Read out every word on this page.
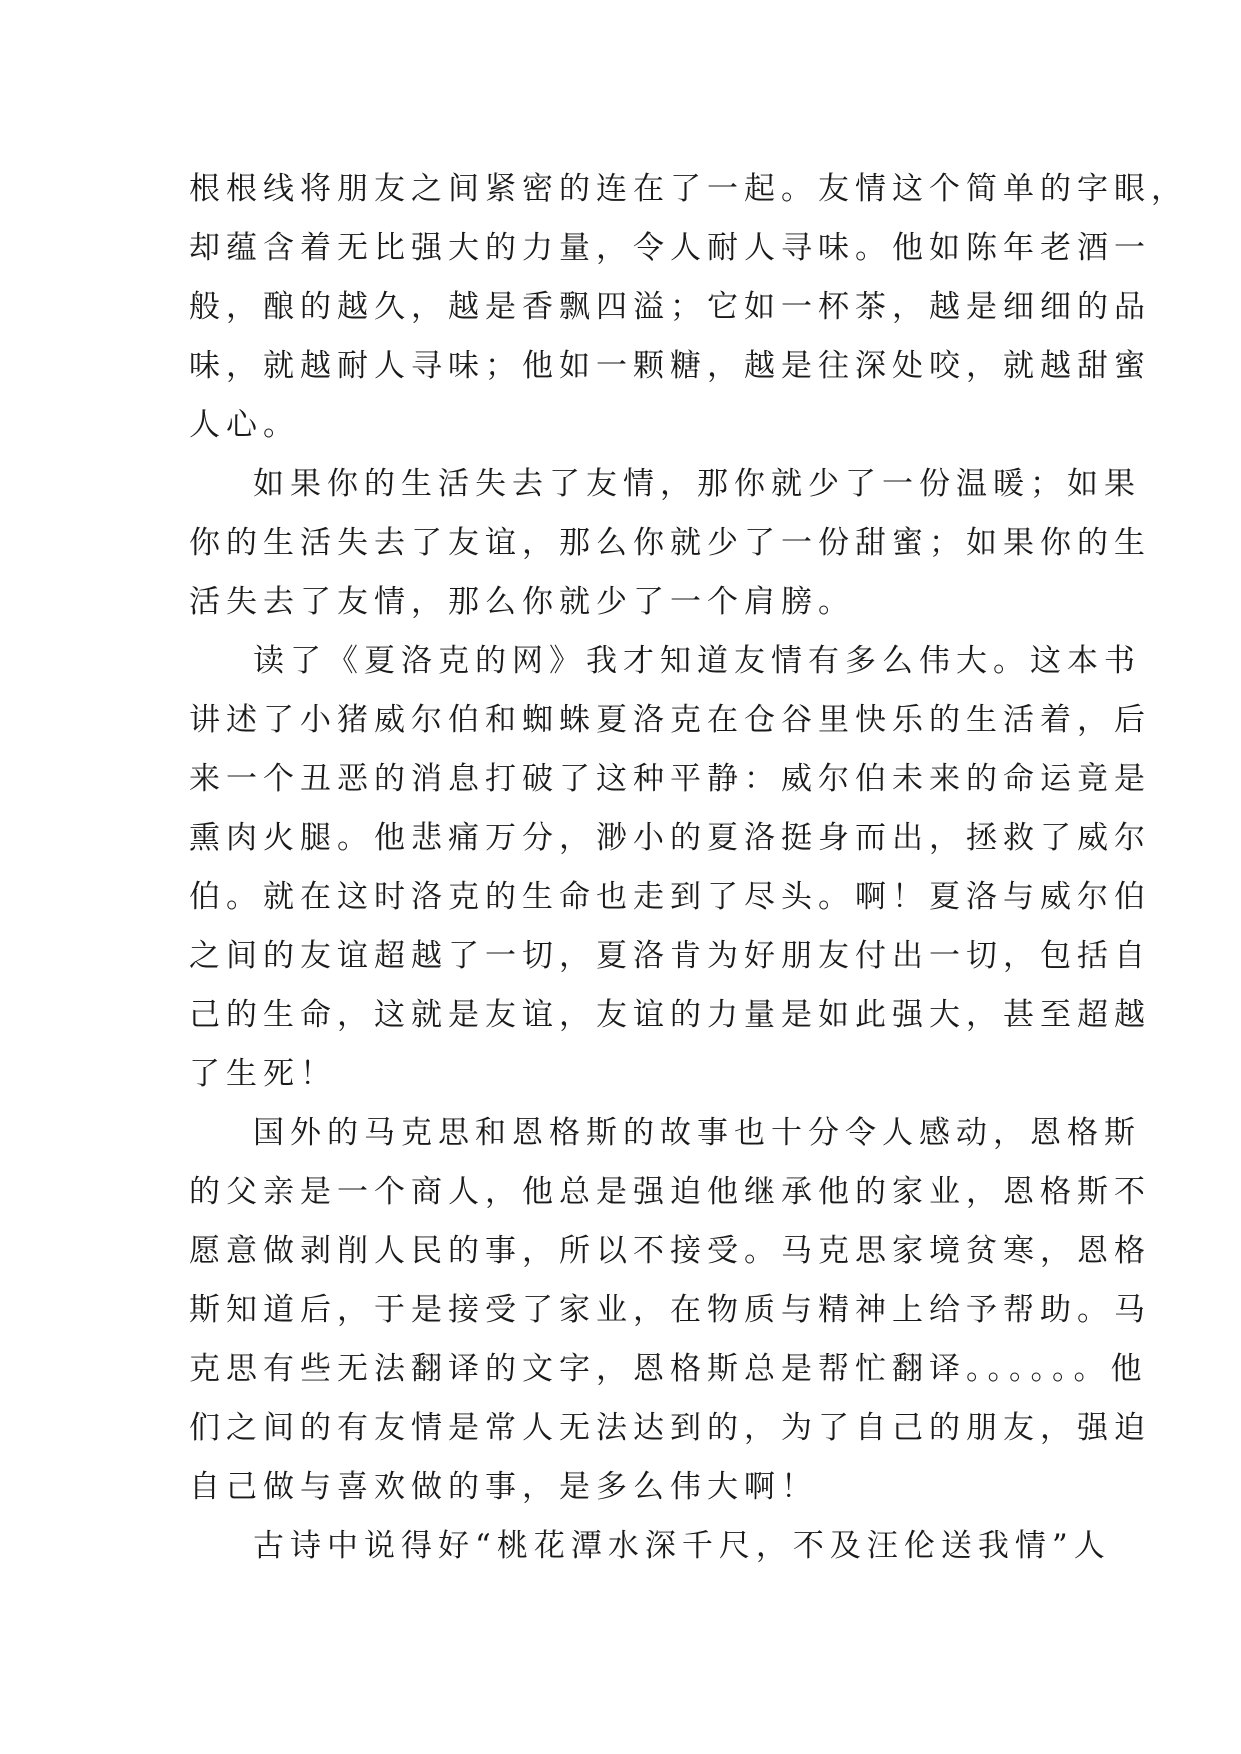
根根线将朋友之间紧密的连在了一起。友情这个简单的字眼，
却蕴含着无比强大的力量，令人耐人寻味。他如陈年老酒一
般，酿的越久，越是香飘四溢；它如一杯茶，越是细细的品
味，就越耐人寻味；他如一颗糖，越是往深处咬，就越甜蜜
人心。
如果你的生活失去了友情，那你就少了一份温暖；如果
你的生活失去了友谊，那么你就少了一份甜蜜；如果你的生
活失去了友情，那么你就少了一个肩膀。
读了《夏洛克的网》我才知道友情有多么伟大。这本书
讲述了小猪威尔伯和蜘蛛夏洛克在仓谷里快乐的生活着，后
来一个丑恶的消息打破了这种平静：威尔伯未来的命运竟是
熏肉火腿。他悲痛万分，渺小的夏洛挺身而出，拯救了威尔
伯。就在这时洛克的生命也走到了尽头。啊！夏洛与威尔伯
之间的友谊超越了一切，夏洛肯为好朋友付出一切，包括自
己的生命，这就是友谊，友谊的力量是如此强大，甚至超越
了生死！
国外的马克思和恩格斯的故事也十分令人感动，恩格斯
的父亲是一个商人，他总是强迫他继承他的家业，恩格斯不
愿意做剥削人民的事，所以不接受。马克思家境贫寒，恩格
斯知道后，于是接受了家业，在物质与精神上给予帮助。马
克思有些无法翻译的文字，恩格斯总是帮忙翻译。。。。。。他
们之间的有友情是常人无法达到的，为了自己的朋友，强迫
自己做与喜欢做的事，是多么伟大啊！
古诗中说得好“桃花潭水深千尺，不及汪伦送我情”人
